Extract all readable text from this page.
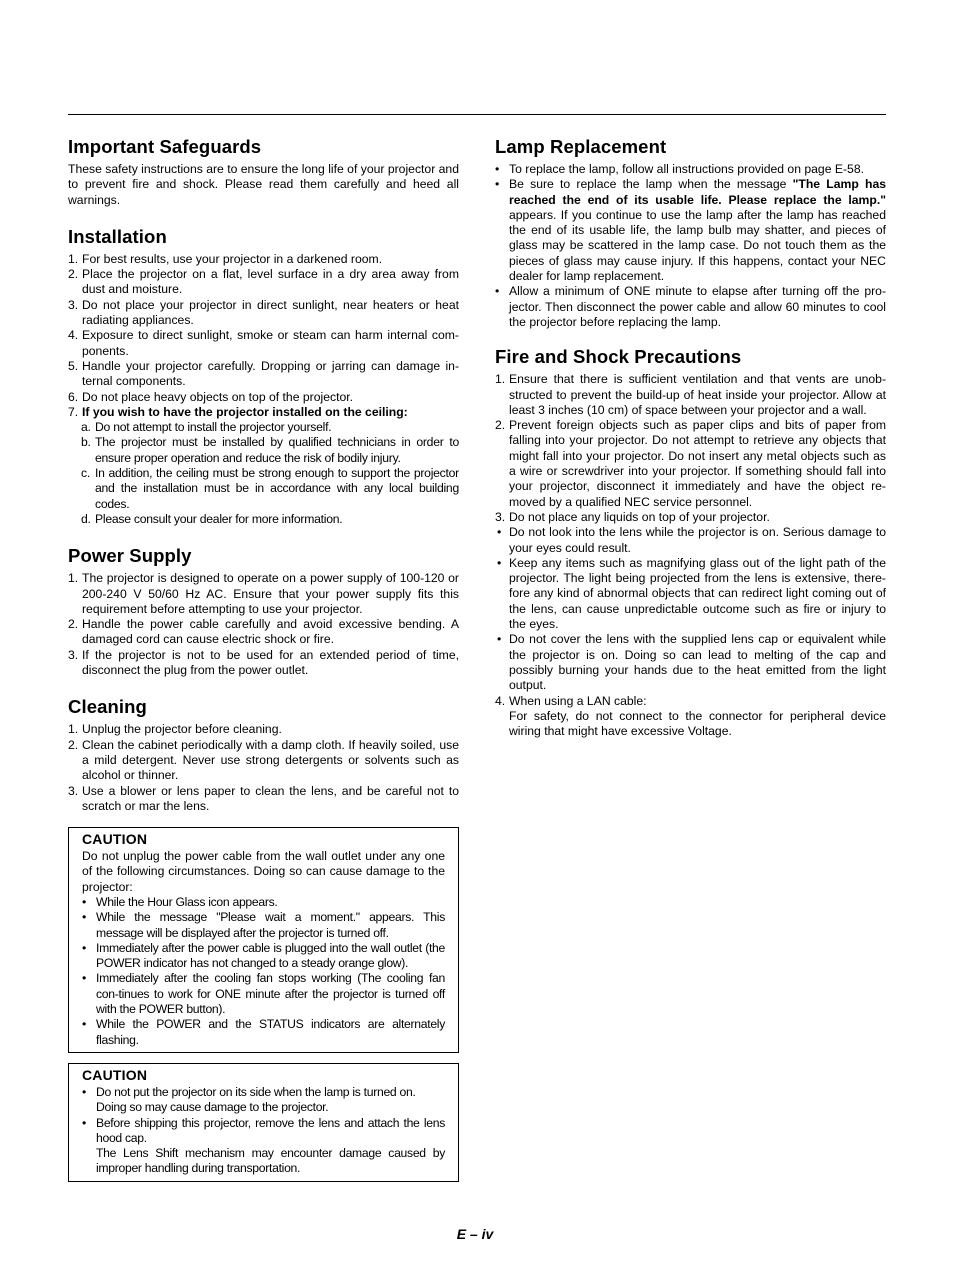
Important Safeguards

These safety instructions are to ensure the long life of your projector and to prevent fire and shock. Please read them carefully and heed all warnings.

Installation
1. For best results, use your projector in a darkened room.
2. Place the projector on a flat, level surface in a dry area away from dust and moisture.
3. Do not place your projector in direct sunlight, near heaters or heat radiating appliances.
4. Exposure to direct sunlight, smoke or steam can harm internal com-ponents.
5. Handle your projector carefully. Dropping or jarring can damage in-ternal components.
6. Do not place heavy objects on top of the projector.
7. If you wish to have the projector installed on the ceiling:
a. Do not attempt to install the projector yourself.
b. The projector must be installed by qualified technicians in order to ensure proper operation and reduce the risk of bodily injury.
c. In addition, the ceiling must be strong enough to support the projector and the installation must be in accordance with any local building codes.
d. Please consult your dealer for more information.
Power Supply
1. The projector is designed to operate on a power supply of 100-120 or 200-240 V 50/60 Hz AC. Ensure that your power supply fits this requirement before attempting to use your projector.
2. Handle the power cable carefully and avoid excessive bending. A damaged cord can cause electric shock or fire.
3. If the projector is not to be used for an extended period of time, disconnect the plug from the power outlet.
Cleaning
1. Unplug the projector before cleaning.
2. Clean the cabinet periodically with a damp cloth. If heavily soiled, use a mild detergent. Never use strong detergents or solvents such as alcohol or thinner.
3. Use a blower or lens paper to clean the lens, and be careful not to scratch or mar the lens.
CAUTION

Do not unplug the power cable from the wall outlet under any one of the following circumstances. Doing so can cause damage to the projector:

• While the Hour Glass icon appears.
• While the message "Please wait a moment." appears. This message will be displayed after the projector is turned off.
• Immediately after the power cable is plugged into the wall outlet (the POWER indicator has not changed to a steady orange glow).
• Immediately after the cooling fan stops working (The cooling fan con-tinues to work for ONE minute after the projector is turned off with the POWER button).
• While the POWER and the STATUS indicators are alternately flashing.
CAUTION
• Do not put the projector on its side when the lamp is turned on.
Doing so may cause damage to the projector.
• Before shipping this projector, remove the lens and attach the lens hood cap.
The Lens Shift mechanism may encounter damage caused by improper handling during transportation.
Lamp Replacement
• To replace the lamp, follow all instructions provided on page E-58.
• Be sure to replace the lamp when the message "The Lamp has reached the end of its usable life. Please replace the lamp." appears. If you continue to use the lamp after the lamp has reached the end of its usable life, the lamp bulb may shatter, and pieces of glass may be scattered in the lamp case. Do not touch them as the pieces of glass may cause injury. If this happens, contact your NEC dealer for lamp replacement.
• Allow a minimum of ONE minute to elapse after turning off the pro-jector. Then disconnect the power cable and allow 60 minutes to cool the projector before replacing the lamp.
Fire and Shock Precautions
1. Ensure that there is sufficient ventilation and that vents are unob-structed to prevent the build-up of heat inside your projector. Allow at least 3 inches (10 cm) of space between your projector and a wall.
2. Prevent foreign objects such as paper clips and bits of paper from falling into your projector. Do not attempt to retrieve any objects that might fall into your projector. Do not insert any metal objects such as a wire or screwdriver into your projector. If something should fall into your projector, disconnect it immediately and have the object re-moved by a qualified NEC service personnel.
3. Do not place any liquids on top of your projector.
• Do not look into the lens while the projector is on. Serious damage to your eyes could result.
• Keep any items such as magnifying glass out of the light path of the projector. The light being projected from the lens is extensive, there-fore any kind of abnormal objects that can redirect light coming out of the lens, can cause unpredictable outcome such as fire or injury to the eyes.
• Do not cover the lens with the supplied lens cap or equivalent while the projector is on. Doing so can lead to melting of the cap and possibly burning your hands due to the heat emitted from the light output.
4. When using a LAN cable:
For safety, do not connect to the connector for peripheral device wiring that might have excessive Voltage.
E – iv
